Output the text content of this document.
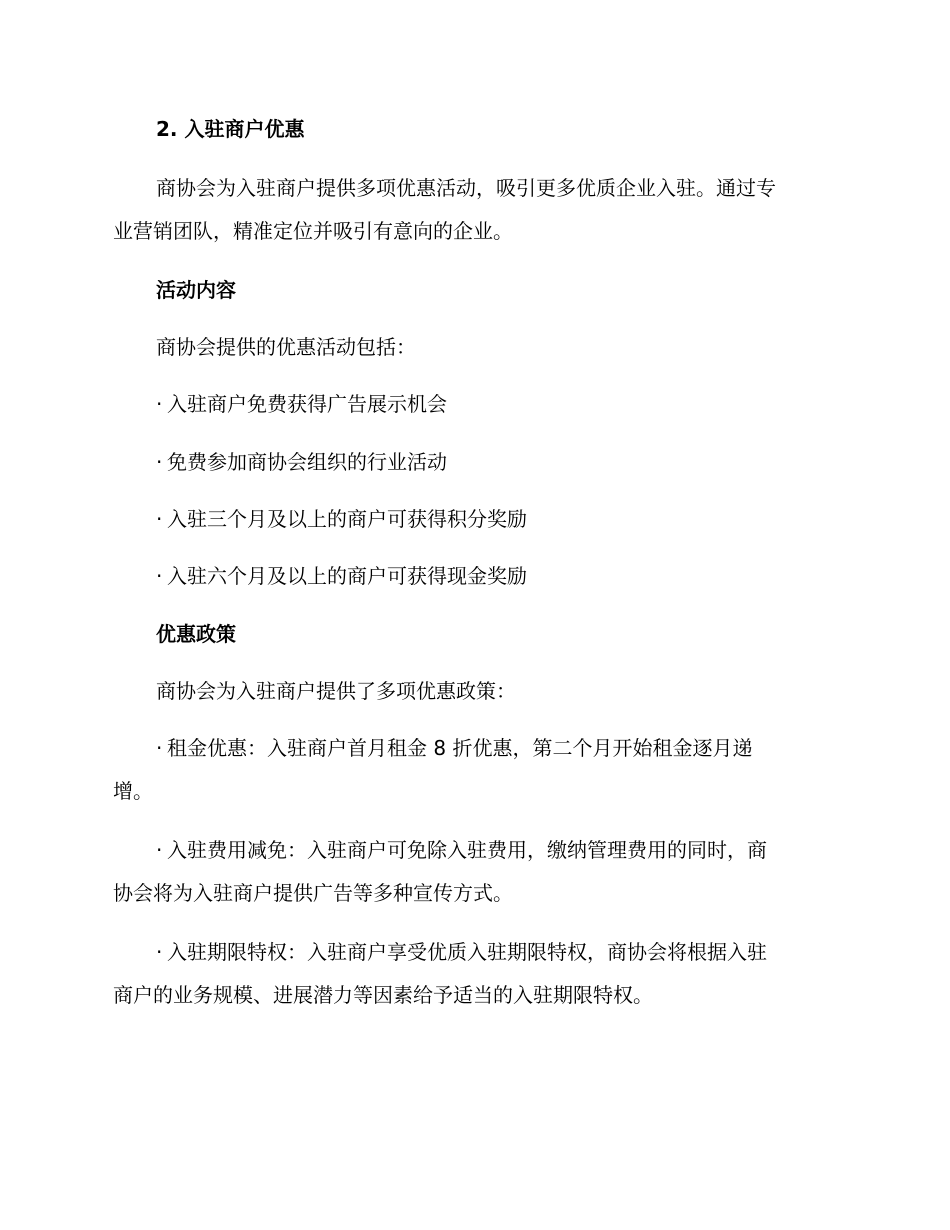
2. 入驻商户优惠

商协会为入驻商户提供多项优惠活动，吸引更多优质企业入驻。通过专

业营销团队，精准定位并吸引有意向的企业。

活动内容

商协会提供的优惠活动包括：

· 入驻商户免费获得广告展示机会

· 免费参加商协会组织的行业活动

· 入驻三个月及以上的商户可获得积分奖励

· 入驻六个月及以上的商户可获得现金奖励

优惠政策

商协会为入驻商户提供了多项优惠政策：

· 租金优惠：入驻商户首月租金 8 折优惠，第二个月开始租金逐月递

增。

· 入驻费用减免：入驻商户可免除入驻费用，缴纳管理费用的同时，商

协会将为入驻商户提供广告等多种宣传方式。

· 入驻期限特权：入驻商户享受优质入驻期限特权，商协会将根据入驻

商户的业务规模、进展潜力等因素给予适当的入驻期限特权。
